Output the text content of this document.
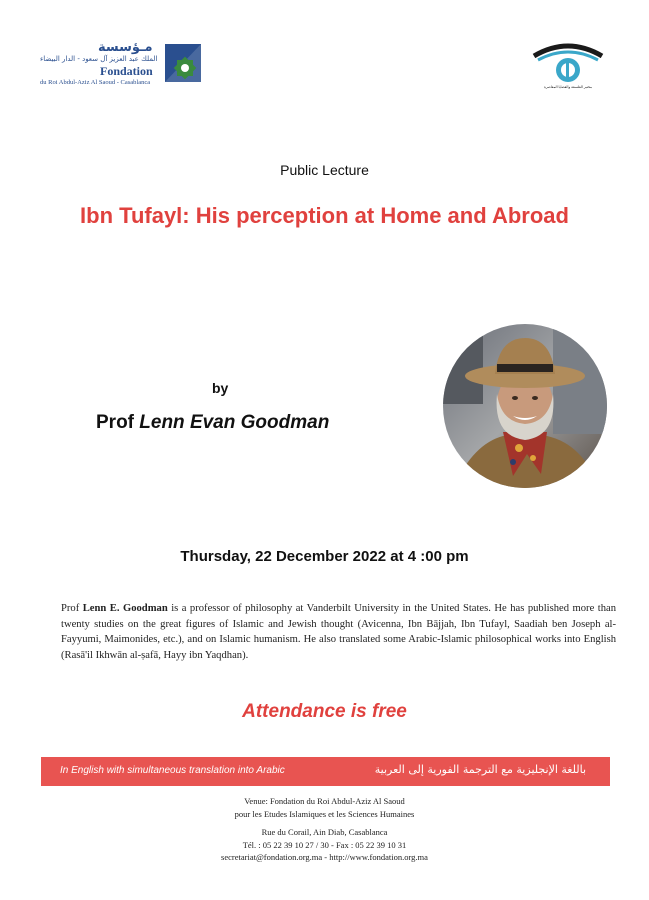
مـؤسسة
الملك عبد العزيز آل سعود - الدار البيضاء
Fondation
du Roi Abdul-Aziz Al Saoud - Casablanca
مختبر الفلسفة والقضايا المعاصرة
Public Lecture
Ibn Tufayl: His perception at Home and Abroad
by
Prof Lenn Evan Goodman
Thursday, 22 December 2022 at 4 :00 pm
Prof Lenn E. Goodman is a professor of philosophy at Vanderbilt University in the United States. He has published more than twenty studies on the great figures of Islamic and Jewish thought (Avicenna, Ibn Bājjah, Ibn Tufayl, Saadiah ben Joseph al-Fayyumi, Maimonides, etc.), and on Islamic humanism. He also translated some Arabic-Islamic philosophical works into English (Rasā'il Ikhwān al-ṣafā, Hayy ibn Yaqdhan).
Attendance is free
In English with simultaneous translation into Arabic	باللغة الإنجليزية مع الترجمة الفورية إلى العربية
Venue: Fondation du Roi Abdul-Aziz Al Saoud
pour les Etudes Islamiques et les Sciences Humaines
Rue du Corail, Ain Diab, Casablanca
Tél. : 05 22 39 10 27 / 30 - Fax : 05 22 39 10 31
secretariat@fondation.org.ma - http://www.fondation.org.ma
